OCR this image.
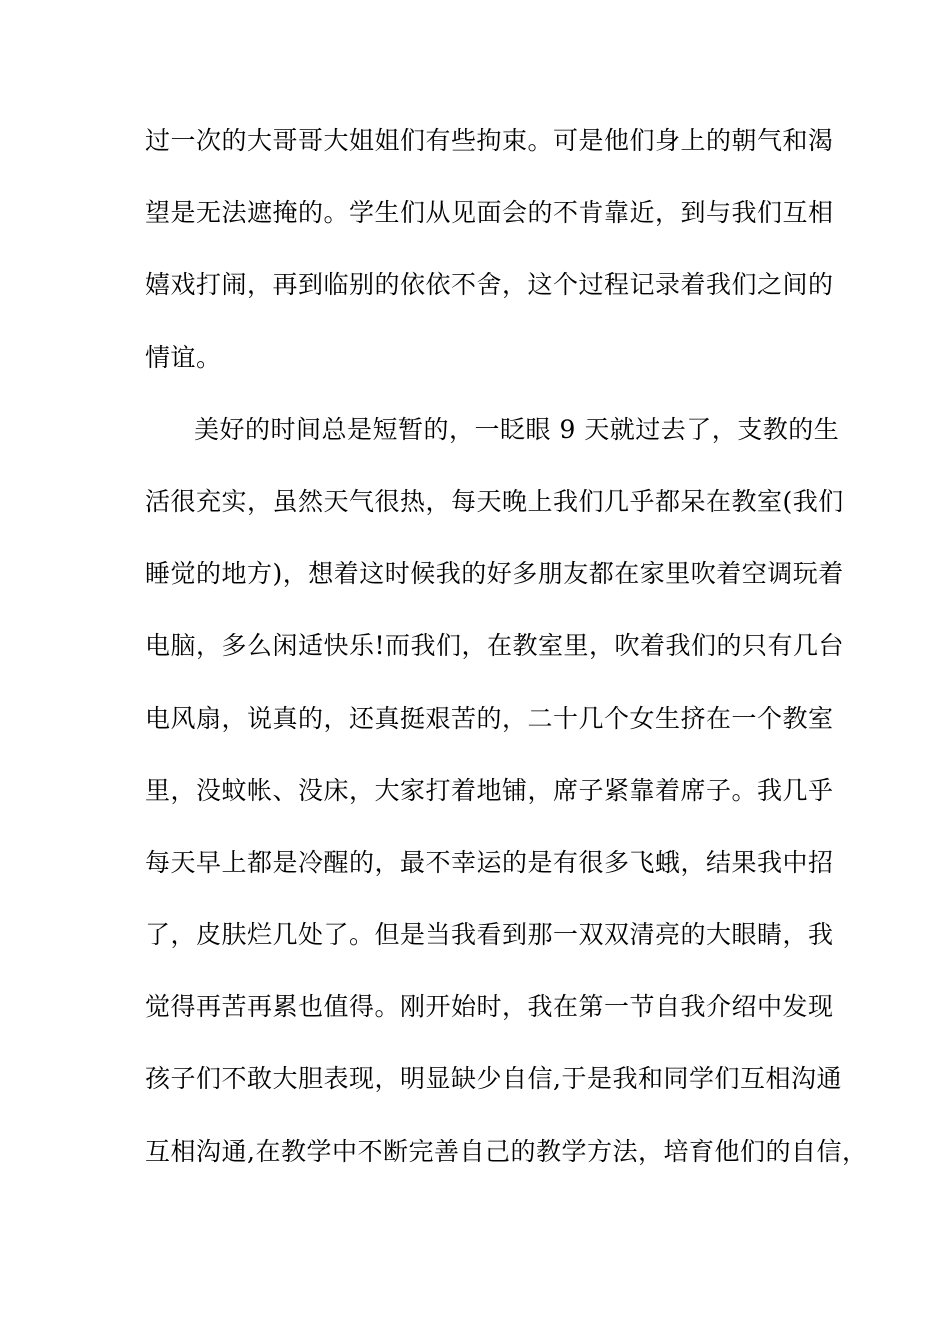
过一次的大哥哥大姐姐们有些拘束。可是他们身上的朝气和渴
望是无法遮掩的。学生们从见面会的不肯靠近，到与我们互相
嬉戏打闹，再到临别的依依不舍，这个过程记录着我们之间的
情谊。
美好的时间总是短暂的，一眨眼 9 天就过去了，支教的生
活很充实，虽然天气很热，每天晚上我们几乎都呆在教室(我们
睡觉的地方)，想着这时候我的好多朋友都在家里吹着空调玩着
电脑，多么闲适快乐!而我们，在教室里，吹着我们的只有几台
电风扇，说真的，还真挺艰苦的，二十几个女生挤在一个教室
里，没蚊帐、没床，大家打着地铺，席子紧靠着席子。我几乎
每天早上都是冷醒的，最不幸运的是有很多飞蛾，结果我中招
了，皮肤烂几处了。但是当我看到那一双双清亮的大眼睛，我
觉得再苦再累也值得。刚开始时，我在第一节自我介绍中发现
孩子们不敢大胆表现，明显缺少自信,于是我和同学们互相沟通
互相沟通,在教学中不断完善自己的教学方法，培育他们的自信，
